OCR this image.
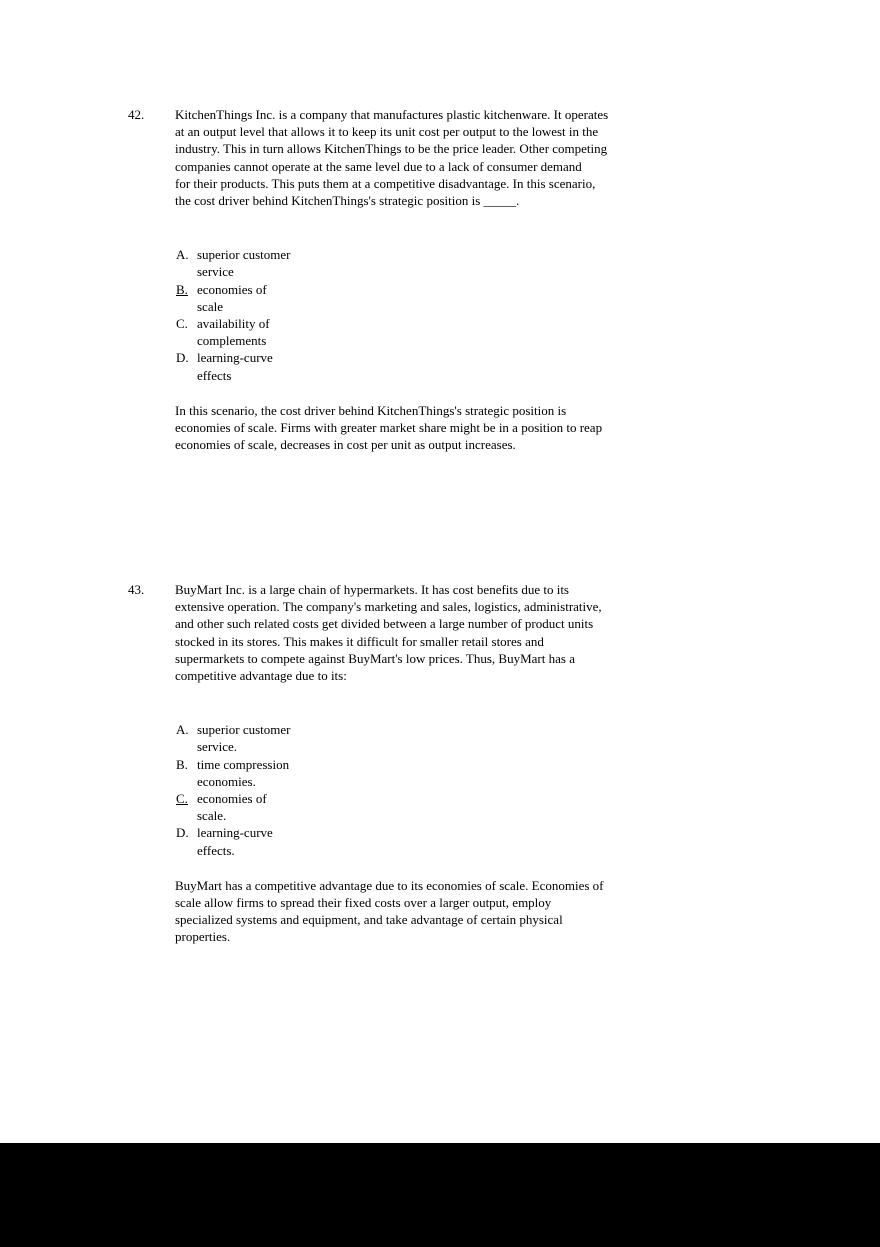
42.	KitchenThings Inc. is a company that manufactures plastic kitchenware. It operates
at an output level that allows it to keep its unit cost per output to the lowest in the
industry. This in turn allows KitchenThings to be the price leader. Other competing
companies cannot operate at the same level due to a lack of consumer demand
for their products. This puts them at a competitive disadvantage. In this scenario,
the cost driver behind KitchenThings's strategic position is _____.
A. superior customer
service
B. economies of
scale
C. availability of
complements
D. learning-curve
effects
In this scenario, the cost driver behind KitchenThings's strategic position is
economies of scale. Firms with greater market share might be in a position to reap
economies of scale, decreases in cost per unit as output increases.
43.	BuyMart Inc. is a large chain of hypermarkets. It has cost benefits due to its
extensive operation. The company's marketing and sales, logistics, administrative,
and other such related costs get divided between a large number of product units
stocked in its stores. This makes it difficult for smaller retail stores and
supermarkets to compete against BuyMart's low prices. Thus, BuyMart has a
competitive advantage due to its:
A. superior customer
service.
B. time compression
economies.
C. economies of
scale.
D. learning-curve
effects.
BuyMart has a competitive advantage due to its economies of scale. Economies of
scale allow firms to spread their fixed costs over a larger output, employ
specialized systems and equipment, and take advantage of certain physical
properties.
